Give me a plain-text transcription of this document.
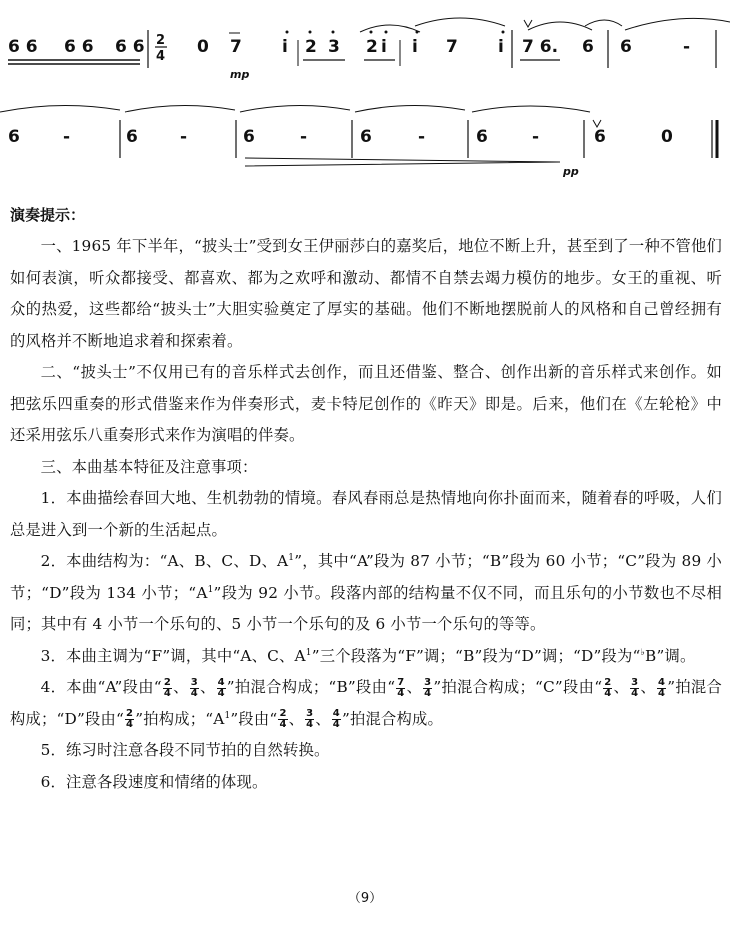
6 6 6 6 6 6 2
4 0 7
mp
i 2 3 2 i i 7 i 7 6. 6 6	-
6	-	6 -	6	-	6	-	6	-	6	0
pp
演奏提示：

一、1965 年下半年，“披头士”受到女王伊丽莎白的嘉奖后，地位不断上升，甚至到了一种不管他们如何表演，听众都接受、都喜欢、都为之欢呼和激动、都情不自禁去竭力模仿的地步。女王的重视、听众的热爱，这些都给“披头士”大胆实验奠定了厚实的基础。他们不断地摆脱前人的风格和自己曾经拥有的风格并不断地追求着和探索着。

二、“披头士”不仅用已有的音乐样式去创作，而且还借鉴、整合、创作出新的音乐样式来创作。如把弦乐四重奏的形式借鉴来作为伴奏形式，麦卡特尼创作的《昨天》即是。后来，他们在《左轮枪》中还采用弦乐八重奏形式来作为演唱的伴奏。

三、本曲基本特征及注意事项：

1．本曲描绘春回大地、生机勃勃的情境。春风春雨总是热情地向你扑面而来，随着春的呼吸，人们总是进入到一个新的生活起点。

2．本曲结构为：“A、B、C、D、$A^1$”，其中“A”段为 87 小节；“B”段为 60 小节；“C”段为 89 小节；“D”段为 134 小节；“$A^1$”段为 92 小节。段落内部的结构量不仅不同，而且乐句的小节数也不尽相同；其中有 4 小节一个乐句的、5 小节一个乐句的及 6 小节一个乐句的等等。

3．本曲主调为“F”调，其中“A、C、$A^1$”三个段落为“F”调；“B”段为“D”调；“D”段为“♭B”调。

4．本曲“A”段由“ $\frac{2}{4}$ 、 $\frac{3}{4}$ 、 $\frac{4}{4}$ ”拍混合构成；“B”段由“ $\frac{7}{4}$ 、 $\frac{3}{4}$ ”拍混合构成；“C”段由“ $\frac{2}{4}$ 、 $\frac{3}{4}$ 、 $\frac{4}{4}$ ”拍混合构成；“D”段由“ $\frac{2}{4}$ ”拍构成；“$A^1$”段由“ $\frac{2}{4}$ 、 $\frac{3}{4}$ 、 $\frac{4}{4}$ ”拍混合构成。

5．练习时注意各段不同节拍的自然转换。

6．注意各段速度和情绪的体现。

（9）
